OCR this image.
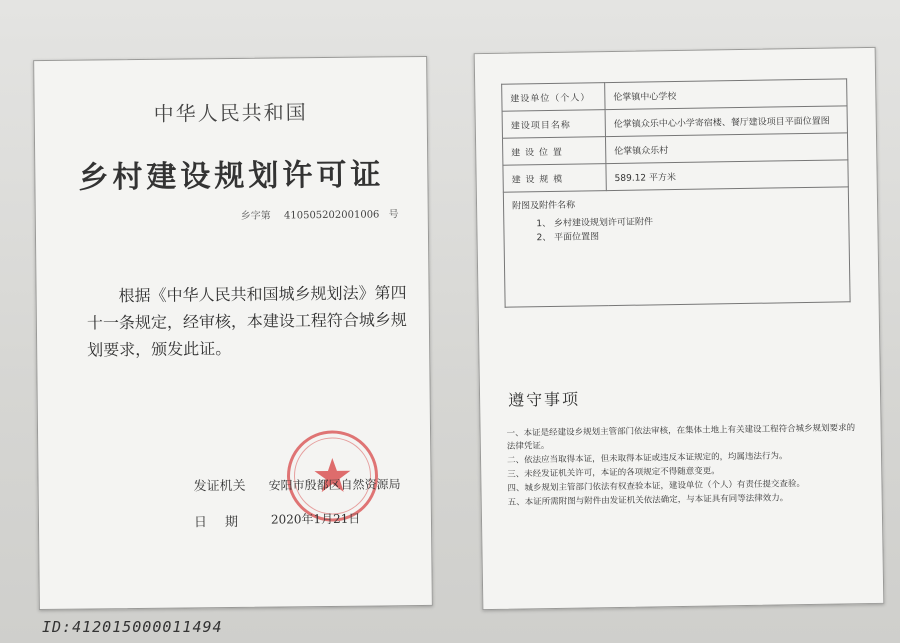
中华人民共和国
乡村建设规划许可证
乡字第 410505202001006 号
根据《中华人民共和国城乡规划法》第四十一条规定，经审核，本建设工程符合城乡规划要求，颁发此证。
发证机关 安阳市殷都区自然资源局
日期 2020年1月21日
建设单位（个人）	伦掌镇中心学校
建设项目名称	伦掌镇众乐中心小学寄宿楼、餐厅建设项目平面位置图
建 设 位 置	伦掌镇众乐村
建 设 规 模	589.12 平方米

附图及附件名称
1、 乡村建设规划许可证附件
2、 平面位置图	
遵守事项
一、本证是经建设乡规划主管部门依法审核，在集体土地上有关建设工程符合城乡规划要求的法律凭证。
二、依法应当取得本证，但未取得本证或违反本证规定的，均属违法行为。
三、未经发证机关许可，本证的各项规定不得随意变更。
四、城乡规划主管部门依法有权查验本证，建设单位（个人）有责任提交查验。
五、本证所需附图与附件由发证机关依法确定，与本证具有同等法律效力。
ID:412015000011494
